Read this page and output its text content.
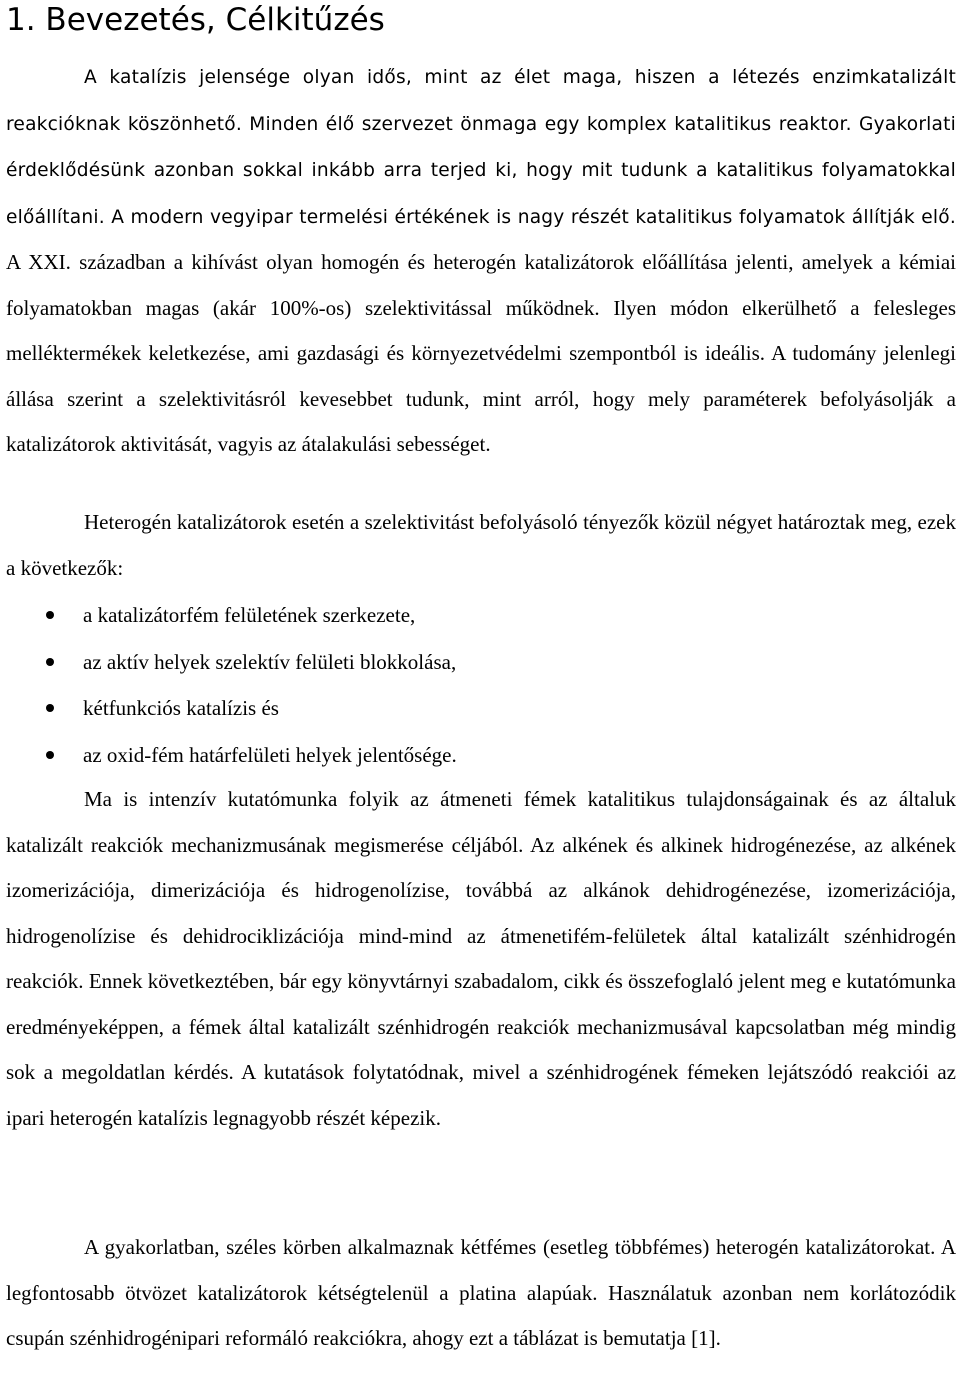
1. Bevezetés, Célkitűzés

A katalízis jelensége olyan idős, mint az élet maga, hiszen a létezés enzimkatalizált reakcióknak köszönhető. Minden élő szervezet önmaga egy komplex katalitikus reaktor. Gyakorlati érdeklődésünk azonban sokkal inkább arra terjed ki, hogy mit tudunk a katalitikus folyamatokkal előállítani. A modern vegyipar termelési értékének is nagy részét katalitikus folyamatok állítják elő. A XXI. században a kihívást olyan homogén és heterogén katalizátorok előállítása jelenti, amelyek a kémiai folyamatokban magas (akár 100%-os) szelektivitással működnek. Ilyen módon elkerülhető a felesleges melléktermékek keletkezése, ami gazdasági és környezetvédelmi szempontból is ideális. A tudomány jelenlegi állása szerint a szelektivitásról kevesebbet tudunk, mint arról, hogy mely paraméterek befolyásolják a katalizátorok aktivitását, vagyis az átalakulási sebességet.

Heterogén katalizátorok esetén a szelektivitást befolyásoló tényezők közül négyet határoztak meg, ezek a következők:

a katalizátorfém felületének szerkezete,
az aktív helyek szelektív felületi blokkolása,
kétfunkciós katalízis és
az oxid-fém határfelületi helyek jelentősége.

Ma is intenzív kutatómunka folyik az átmeneti fémek katalitikus tulajdonságainak és az általuk katalizált reakciók mechanizmusának megismerése céljából. Az alkének és alkinek hidrogénezése, az alkének izomerizációja, dimerizációja és hidrogenolízise, továbbá az alkánok dehidrogénezése, izomerizációja, hidrogenolízise és dehidrociklizációja mind-mind az átmenetifém-felületek által katalizált szénhidrogén reakciók. Ennek következtében, bár egy könyvtárnyi szabadalom, cikk és összefoglaló jelent meg e kutatómunka eredményeképpen, a fémek által katalizált szénhidrogén reakciók mechanizmusával kapcsolatban még mindig sok a megoldatlan kérdés. A kutatások folytatódnak, mivel a szénhidrogének fémeken lejátszódó reakciói az ipari heterogén katalízis legnagyobb részét képezik.

A gyakorlatban, széles körben alkalmaznak kétfémes (esetleg többfémes) heterogén katalizátorokat. A legfontosabb ötvözet katalizátorok kétségtelenül a platina alapúak. Használatuk azonban nem korlátozódik csupán szénhidrogénipari reformáló reakciókra, ahogy ezt a táblázat is bemutatja [1].
